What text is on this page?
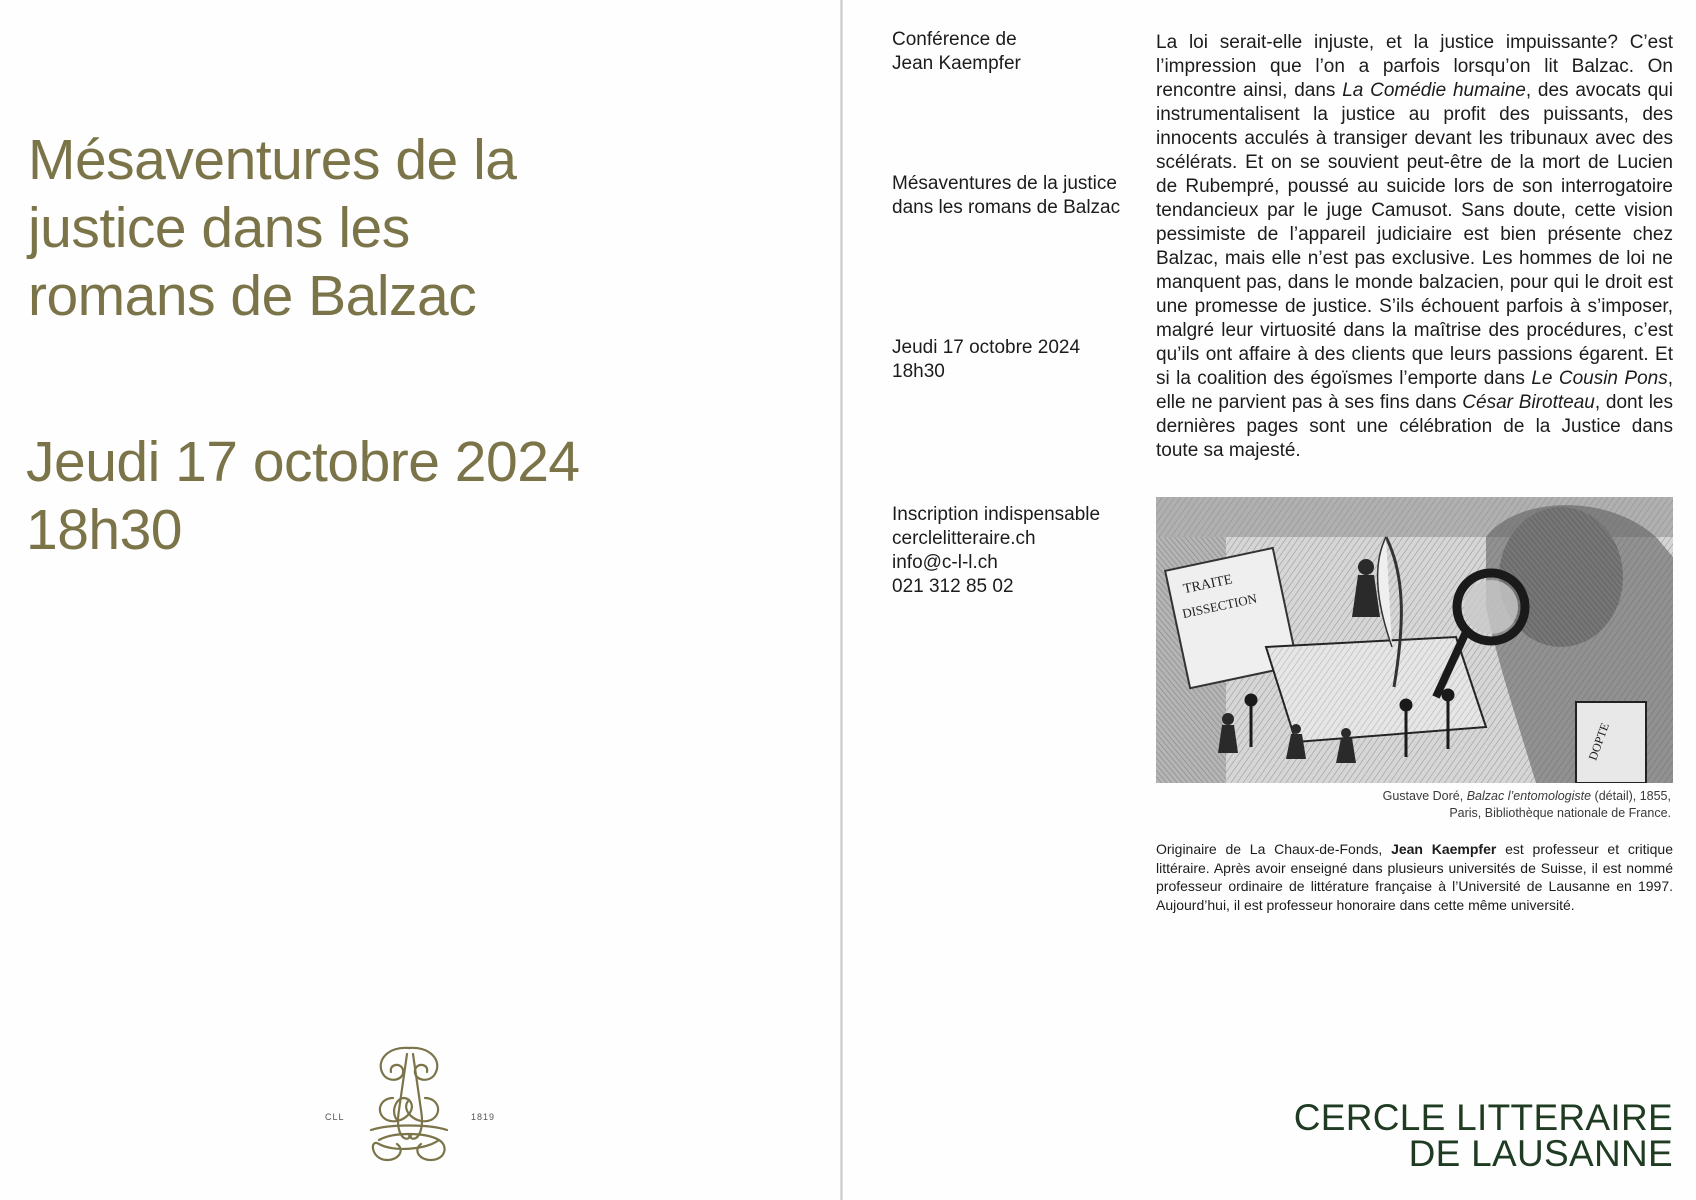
Mésaventures de la
justice dans les
romans de Balzac
Jeudi 17 octobre 2024
18h30
CLL	1819
Conférence de
Jean Kaempfer
Mésaventures de la justice
dans les romans de Balzac
Jeudi 17 octobre 2024
18h30
Inscription indispensable
cerclelitteraire.ch
info@c-l-l.ch
021 312 85 02

La loi serait-elle injuste, et la justice impuissante? C’est l’impression que l’on a parfois lorsqu’on lit Balzac. On rencontre ainsi, dans La Comédie humaine, des avocats qui instrumentalisent la justice au profit des puissants, des innocents acculés à transiger devant les tribunaux avec des scélérats. Et on se souvient peut-être de la mort de Lucien de Rubempré, poussé au suicide lors de son interrogatoire tendancieux par le juge Camusot. Sans doute, cette vision pessimiste de l’appareil judiciaire est bien présente chez Balzac, mais elle n’est pas exclusive. Les hommes de loi ne manquent pas, dans le monde balzacien, pour qui le droit est une promesse de justice. S’ils échouent parfois à s’imposer, malgré leur virtuosité dans la maîtrise des procédures, c’est qu’ils ont affaire à des clients que leurs passions égarent. Et si la coalition des égoïsmes l’emporte dans Le Cousin Pons, elle ne parvient pas à ses fins dans César Birotteau, dont les dernières pages sont une célébration de la Justice dans toute sa majesté.

TRAITE
DISSECTION
DOPTE
Gustave Doré, Balzac l’entomologiste (détail), 1855,
Paris, Bibliothèque nationale de France.

Originaire de La Chaux-de-Fonds, Jean Kaempfer est professeur et critique littéraire. Après avoir enseigné dans plusieurs universités de Suisse, il est nommé professeur ordinaire de littérature française à l’Université de Lausanne en 1997. Aujourd’hui, il est professeur honoraire dans cette même université.

CERCLE LITTERAIRE
DE LAUSANNE
